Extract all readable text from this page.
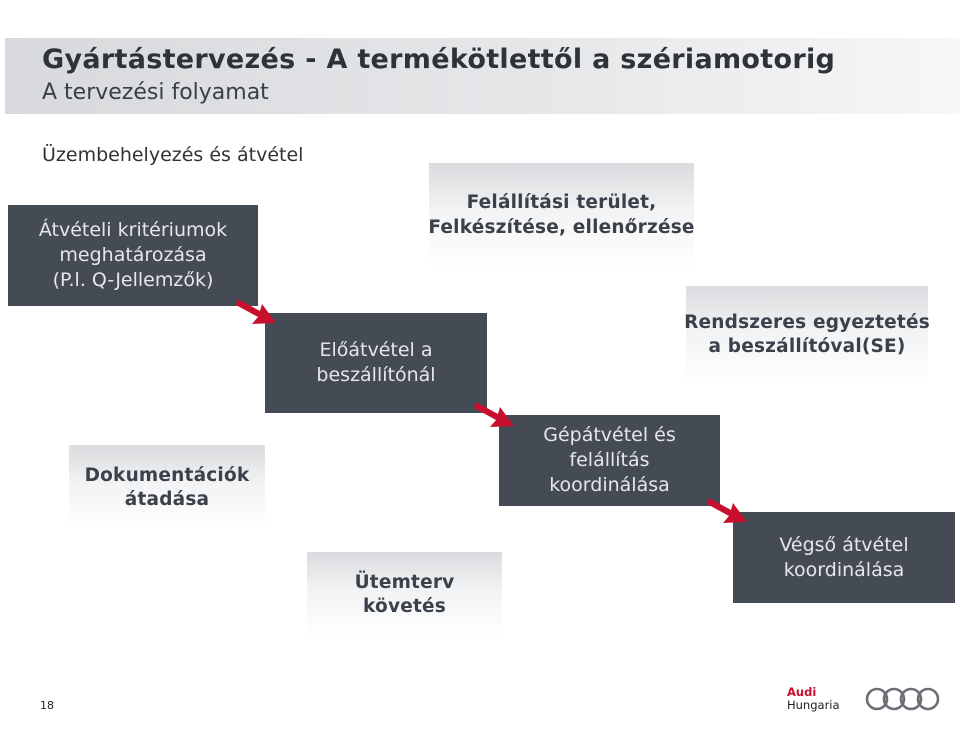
Gyártástervezés - A termékötlettől a szériamotorig
A tervezési folyamat
Üzembehelyezés és átvétel
Átvételi kritériumok
meghatározása
(P.l. Q-Jellemzők)
Előátvétel a
beszállítónál
Gépátvétel és
felállítás
koordinálása
Végső átvétel
koordinálása
Felállítási terület,
Felkészítése, ellenőrzése
Rendszeres egyeztetés
a beszállítóval(SE)
Dokumentációk
átadása
Ütemterv
követés
18
Audi
Hungaria
